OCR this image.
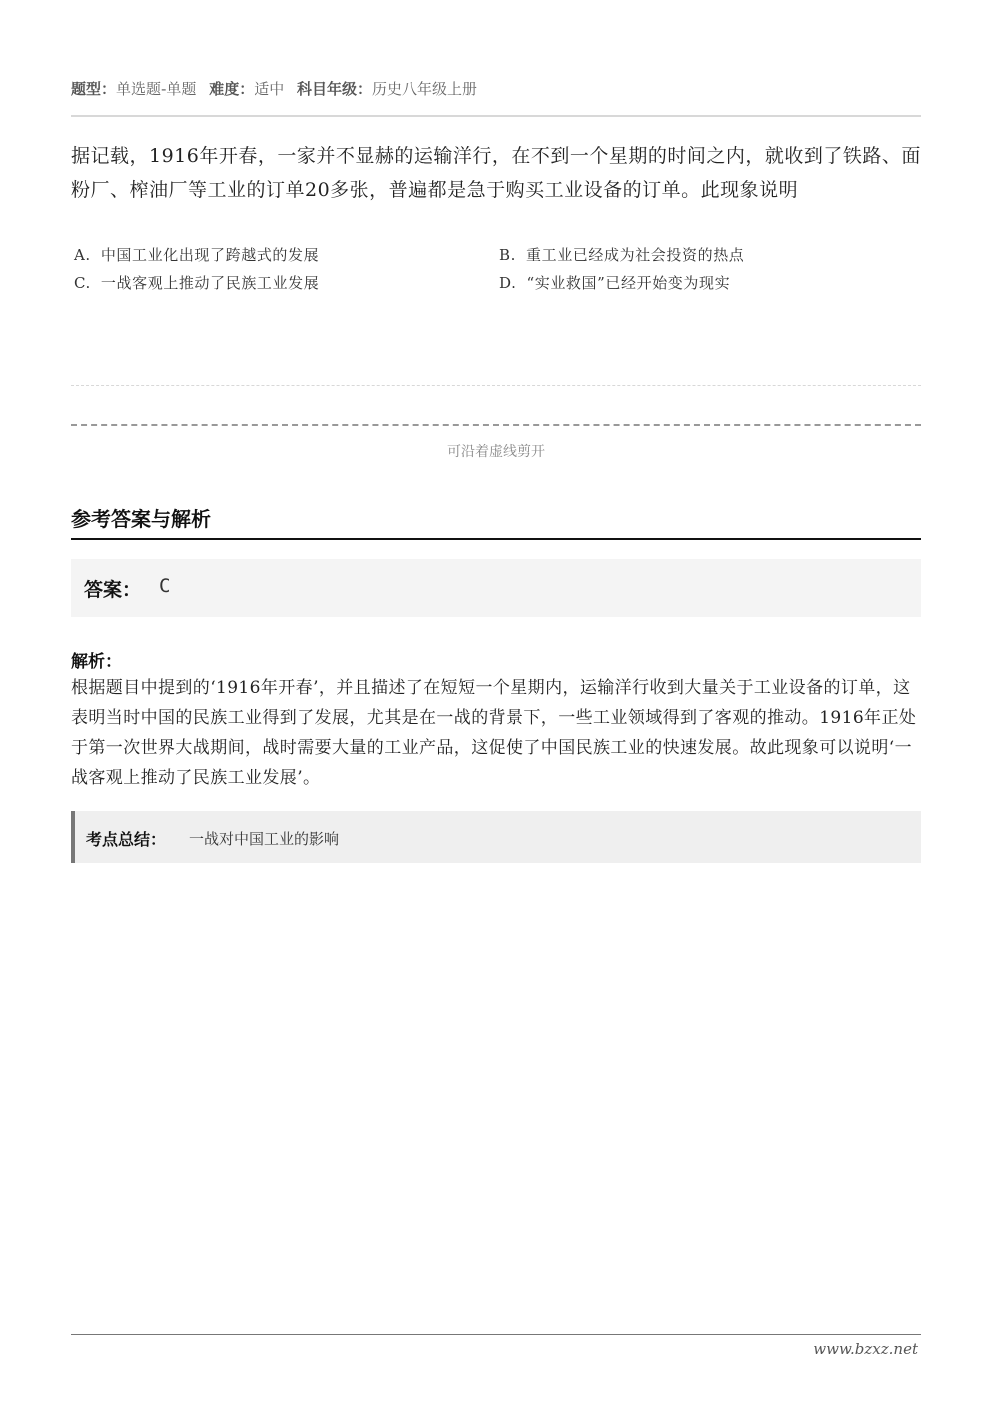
题型：单选题-单题 难度：适中 科目年级：历史八年级上册
据记载，1916年开春，一家并不显赫的运输洋行，在不到一个星期的时间之内，就收到了铁路、面粉厂、榨油厂等工业的订单20多张，普遍都是急于购买工业设备的订单。此现象说明
A. 中国工业化出现了跨越式的发展	B. 重工业已经成为社会投资的热点
C. 一战客观上推动了民族工业发展	D. “实业救国”已经开始变为现实
可沿着虚线剪开
参考答案与解析
答案： C
解析：
根据题目中提到的‘1916年开春’，并且描述了在短短一个星期内，运输洋行收到大量关于工业设备的订单，这表明当时中国的民族工业得到了发展，尤其是在一战的背景下，一些工业领域得到了客观的推动。1916年正处于第一次世界大战期间，战时需要大量的工业产品，这促使了中国民族工业的快速发展。故此现象可以说明‘一战客观上推动了民族工业发展’。
考点总结： 一战对中国工业的影响
www.bzxz.net
